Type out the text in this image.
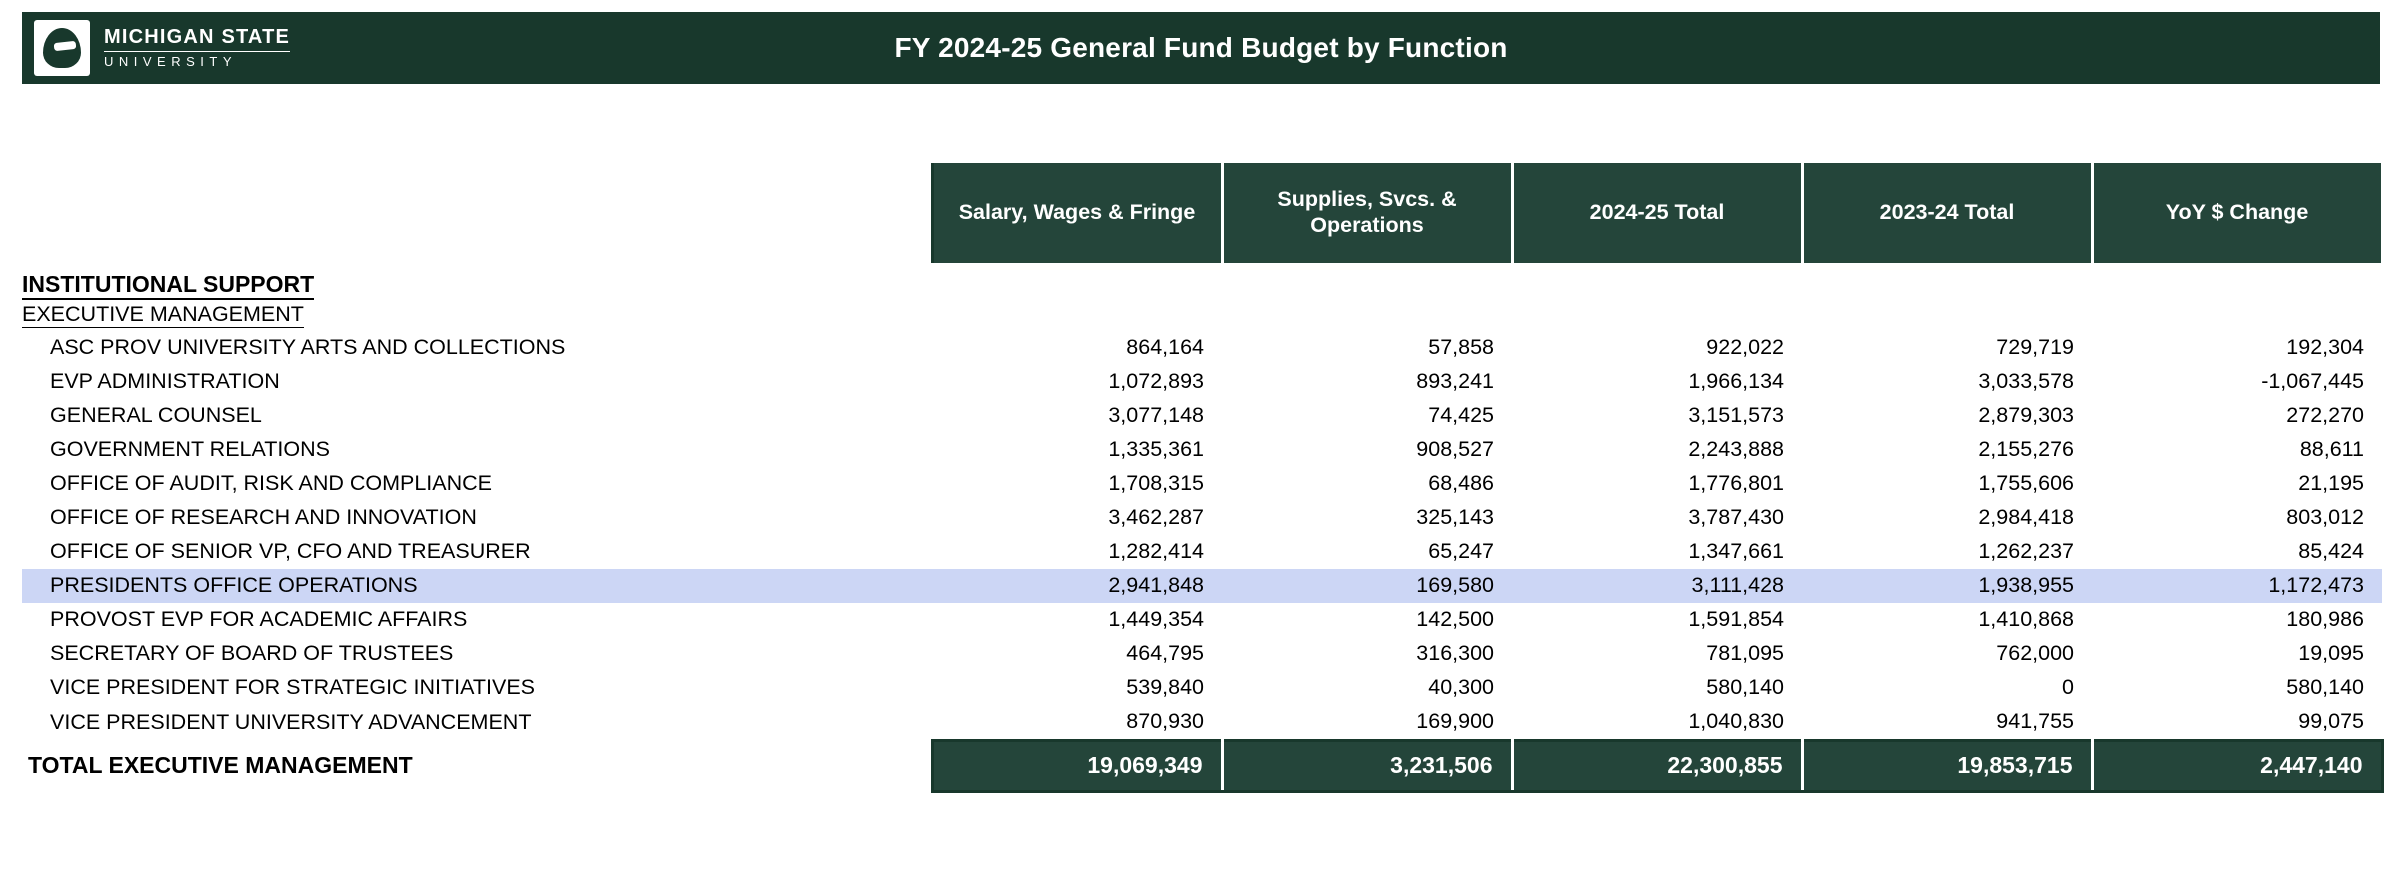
MICHIGAN STATE
UNIVERSITY	FY 2024-25 General Fund Budget by Function
	Salary, Wages & Fringe	Supplies, Svcs. & Operations	2024-25 Total	2023-24 Total	YoY $ Change
INSTITUTIONAL SUPPORT					
EXECUTIVE MANAGEMENT					
ASC PROV UNIVERSITY ARTS AND COLLECTIONS	864,164	57,858	922,022	729,719	192,304
EVP ADMINISTRATION	1,072,893	893,241	1,966,134	3,033,578	-1,067,445
GENERAL COUNSEL	3,077,148	74,425	3,151,573	2,879,303	272,270
GOVERNMENT RELATIONS	1,335,361	908,527	2,243,888	2,155,276	88,611
OFFICE OF AUDIT, RISK AND COMPLIANCE	1,708,315	68,486	1,776,801	1,755,606	21,195
OFFICE OF RESEARCH AND INNOVATION	3,462,287	325,143	3,787,430	2,984,418	803,012
OFFICE OF SENIOR VP, CFO AND TREASURER	1,282,414	65,247	1,347,661	1,262,237	85,424
PRESIDENTS OFFICE OPERATIONS	2,941,848	169,580	3,111,428	1,938,955	1,172,473
PROVOST EVP FOR ACADEMIC AFFAIRS	1,449,354	142,500	1,591,854	1,410,868	180,986
SECRETARY OF BOARD OF TRUSTEES	464,795	316,300	781,095	762,000	19,095
VICE PRESIDENT FOR STRATEGIC INITIATIVES	539,840	40,300	580,140	0	580,140
VICE PRESIDENT UNIVERSITY ADVANCEMENT	870,930	169,900	1,040,830	941,755	99,075
TOTAL EXECUTIVE MANAGEMENT	19,069,349	3,231,506	22,300,855	19,853,715	2,447,140
